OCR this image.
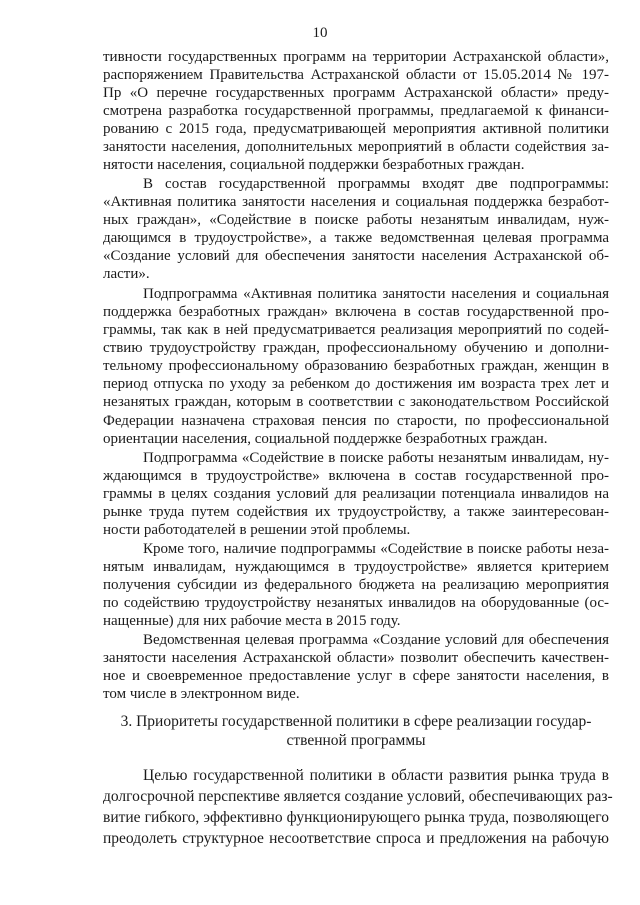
10
тивности государственных программ на территории Астраханской области»,
распоряжением Правительства Астраханской области от 15.05.2014 № 197-
Пр «О перечне государственных программ Астраханской области» преду-
смотрена разработка государственной программы, предлагаемой к финанси-
рованию с 2015 года, предусматривающей мероприятия активной политики
занятости населения, дополнительных мероприятий в области содействия за-
нятости населения, социальной поддержки безработных граждан.
В состав государственной программы входят две подпрограммы:
«Активная политика занятости населения и социальная поддержка безработ-
ных граждан», «Содействие в поиске работы незанятым инвалидам, нуж-
дающимся в трудоустройстве», а также ведомственная целевая программа
«Создание условий для обеспечения занятости населения Астраханской об-
ласти».
Подпрограмма «Активная политика занятости населения и социальная
поддержка безработных граждан» включена в состав государственной про-
граммы, так как в ней предусматривается реализация мероприятий по содей-
ствию трудоустройству граждан, профессиональному обучению и дополни-
тельному профессиональному образованию безработных граждан, женщин в
период отпуска по уходу за ребенком до достижения им возраста трех лет и
незанятых граждан, которым в соответствии с законодательством Российской
Федерации назначена страховая пенсия по старости, по профессиональной
ориентации населения, социальной поддержке безработных граждан.
Подпрограмма «Содействие в поиске работы незанятым инвалидам, ну-
ждающимся в трудоустройстве» включена в состав государственной про-
граммы в целях создания условий для реализации потенциала инвалидов на
рынке труда путем содействия их трудоустройству, а также заинтересован-
ности работодателей в решении этой проблемы.
Кроме того, наличие подпрограммы «Содействие в поиске работы неза-
нятым инвалидам, нуждающимся в трудоустройстве» является критерием
получения субсидии из федерального бюджета на реализацию мероприятия
по содействию трудоустройству незанятых инвалидов на оборудованные (ос-
нащенные) для них рабочие места в 2015 году.
Ведомственная целевая программа «Создание условий для обеспечения
занятости населения Астраханской области» позволит обеспечить качествен-
ное и своевременное предоставление услуг в сфере занятости населения, в
том числе в электронном виде.
3. Приоритеты государственной политики в сфере реализации государ-
ственной программы
Целью государственной политики в области развития рынка труда в
долгосрочной перспективе является создание условий, обеспечивающих раз-
витие гибкого, эффективно функционирующего рынка труда, позволяющего
преодолеть структурное несоответствие спроса и предложения на рабочую
